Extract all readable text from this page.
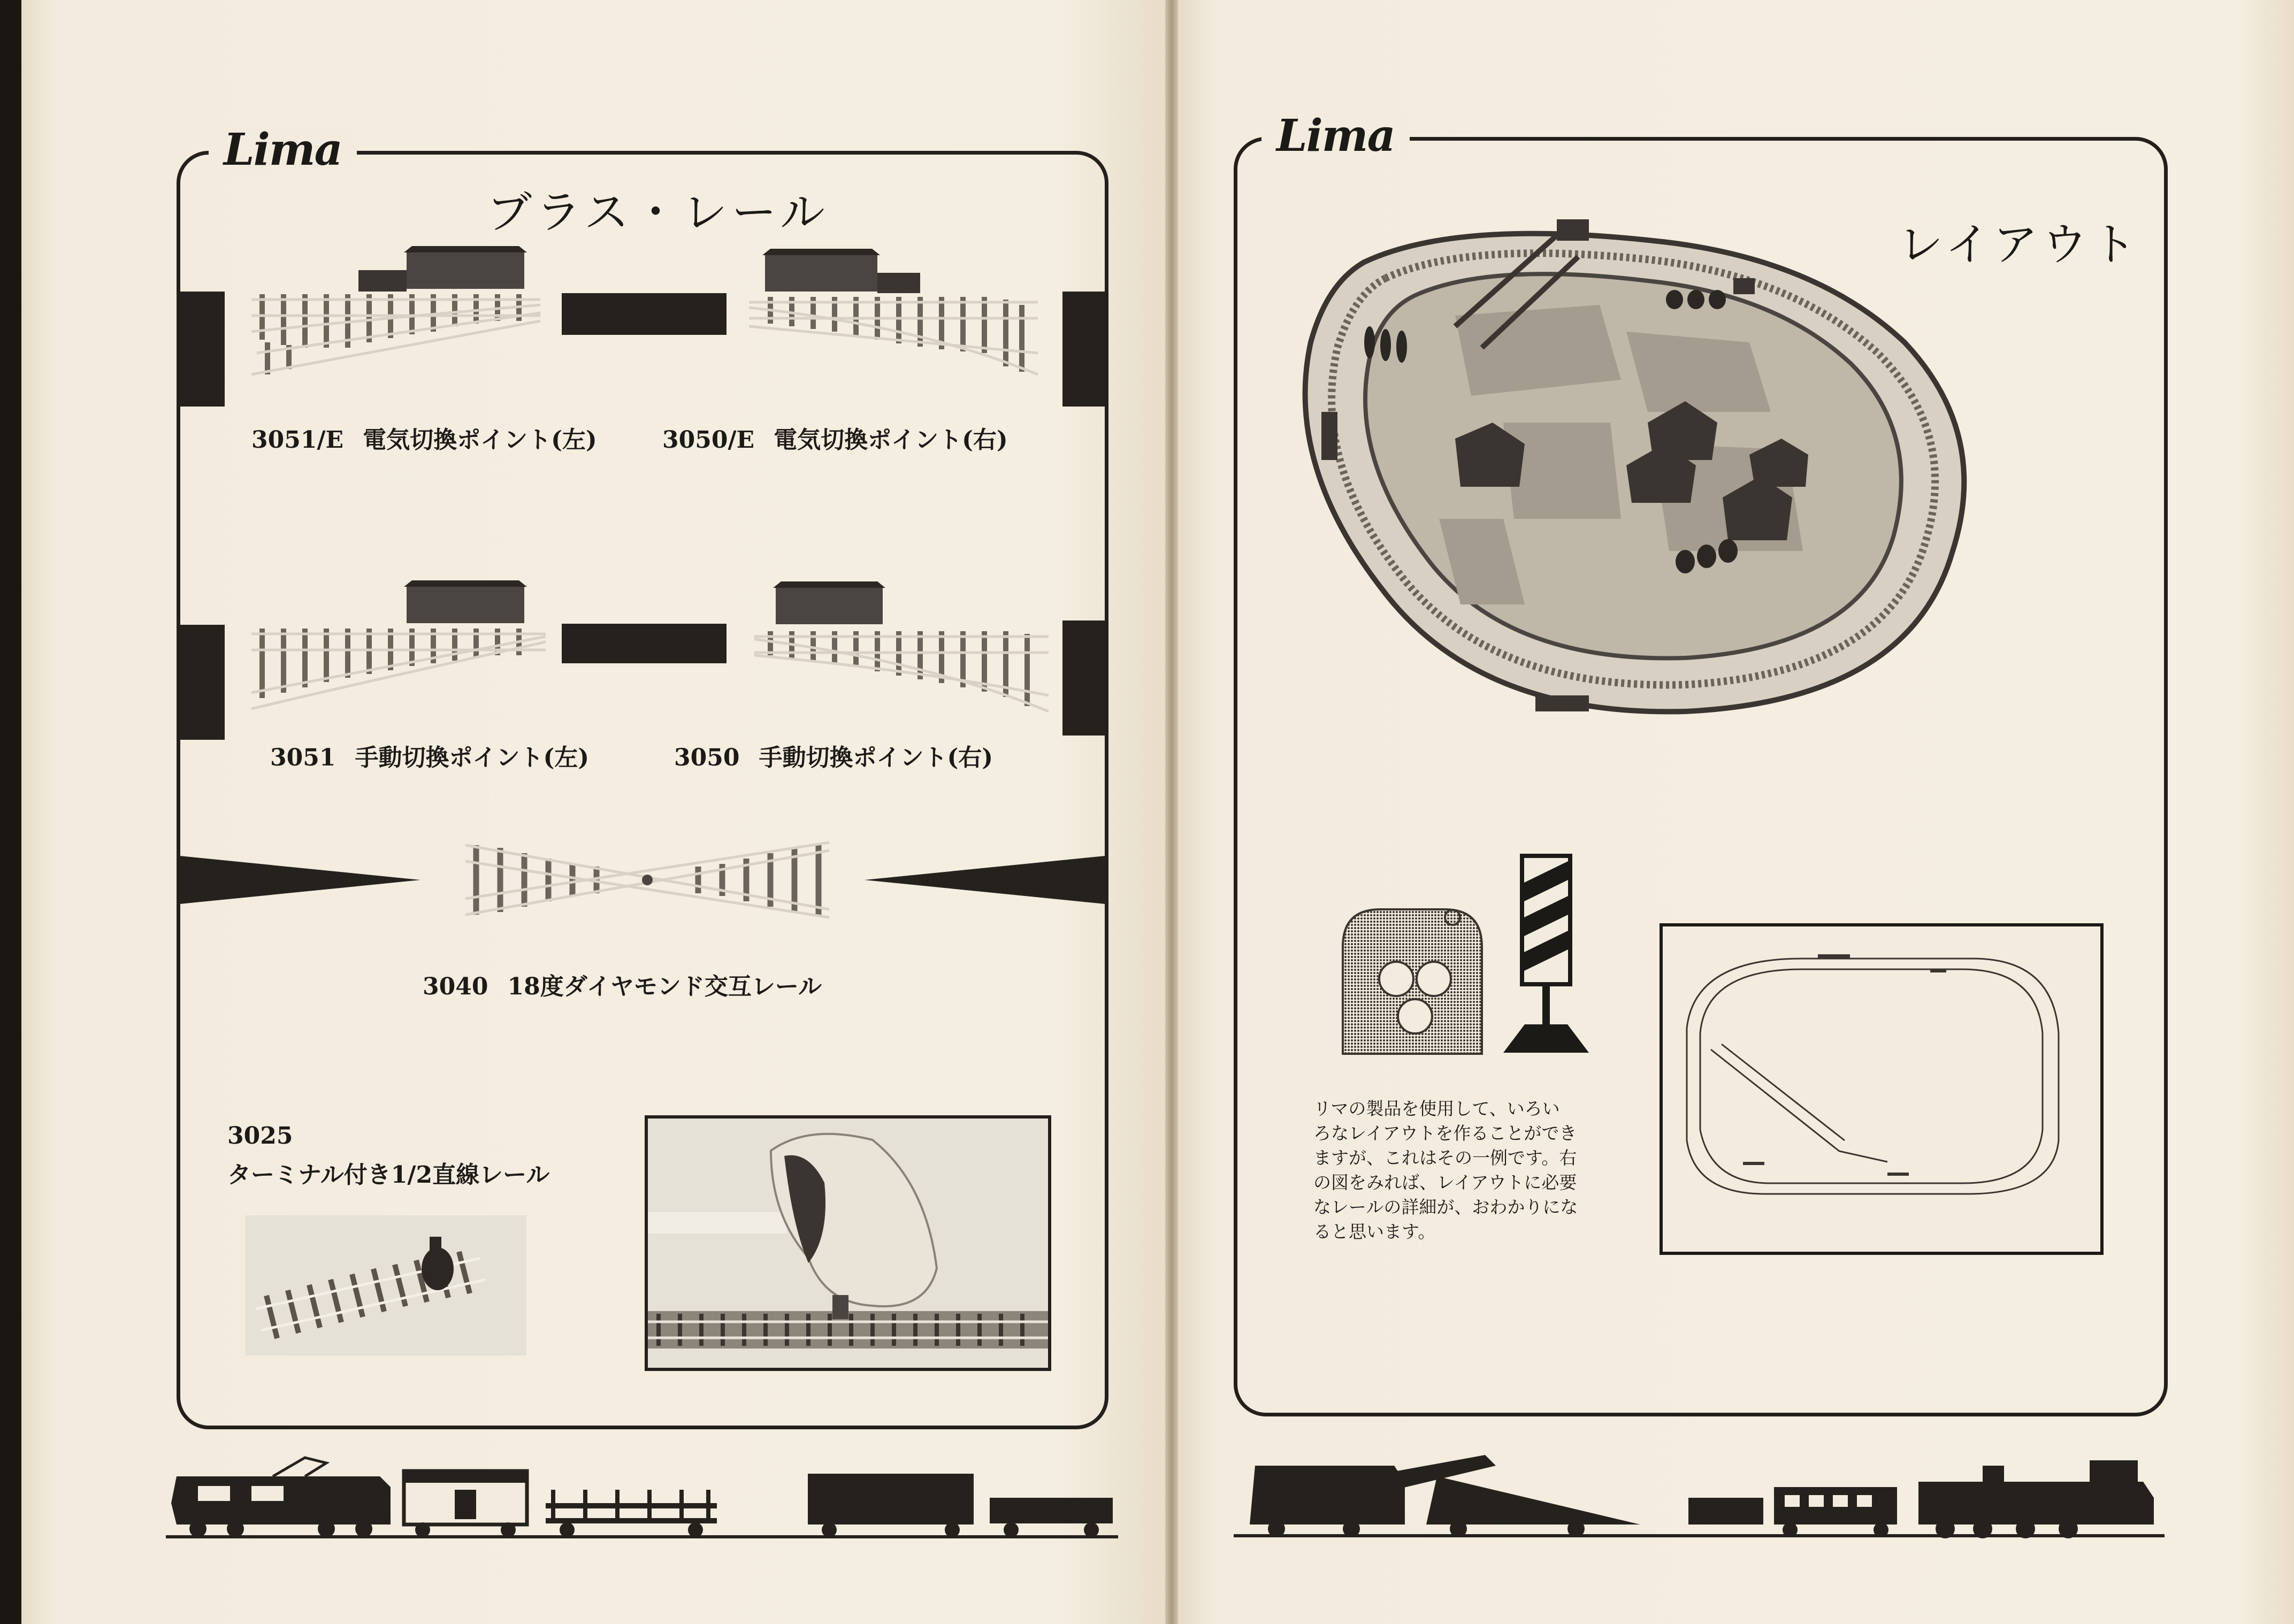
Lima
ブラス・レール
3051/E 電気切換ポイント(左)	3050/E 電気切換ポイント(右)
3051 手動切換ポイント(左)	3050 手動切換ポイント(右)
3040 18度ダイヤモンド交互レール
3025
ターミナル付き1/2直線レール
Lima
レイアウト
リマの製品を使用して、いろい
ろなレイアウトを作ることができ
ますが、これはその一例です。右
の図をみれば、レイアウトに必要
なレールの詳細が、おわかりにな
ると思います。
